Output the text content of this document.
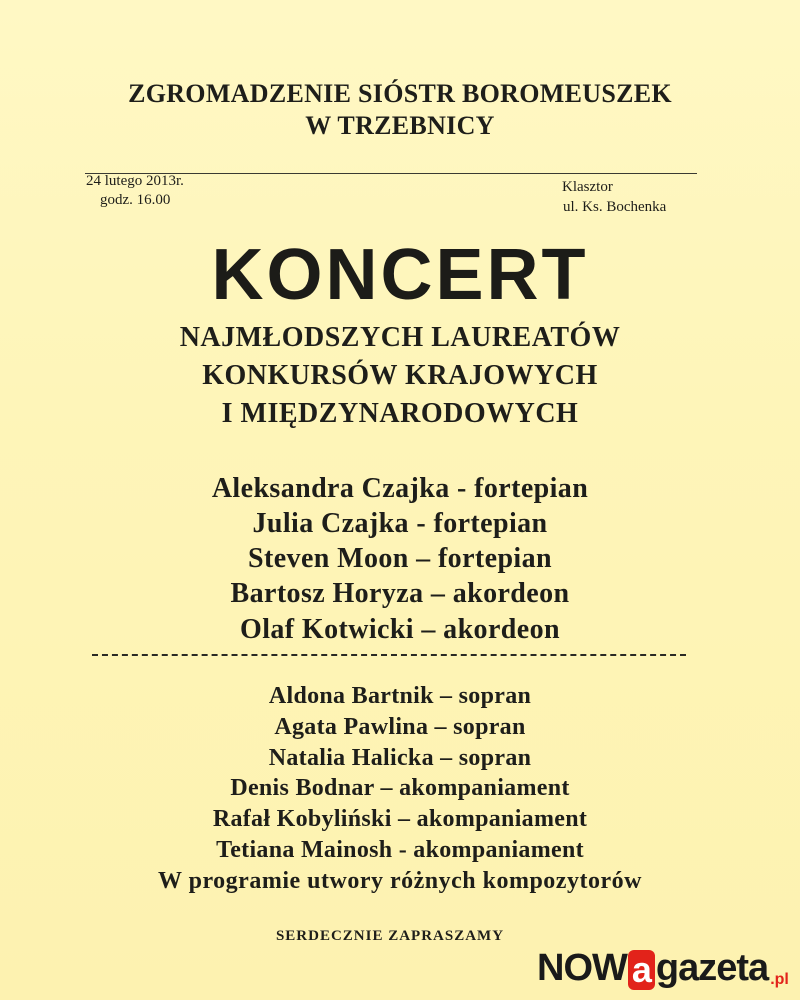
ZGROMADZENIE SIÓSTR BOROMEUSZEK
W TRZEBNICY
24 lutego 2013r.
godz. 16.00
Klasztor
ul. Ks. Bochenka
KONCERT
NAJMŁODSZYCH LAUREATÓW
KONKURSÓW KRAJOWYCH
I MIĘDZYNARODOWYCH
Aleksandra Czajka - fortepian
Julia Czajka - fortepian
Steven Moon – fortepian
Bartosz Horyza – akordeon
Olaf Kotwicki – akordeon
Aldona Bartnik – sopran
Agata Pawlina – sopran
Natalia Halicka – sopran
Denis Bodnar – akompaniament
Rafał Kobyliński – akompaniament
Tetiana Mainosh - akompaniament
W programie utwory różnych kompozytorów
SERDECZNIE ZAPRASZAMY
NOW a gazeta .pl
